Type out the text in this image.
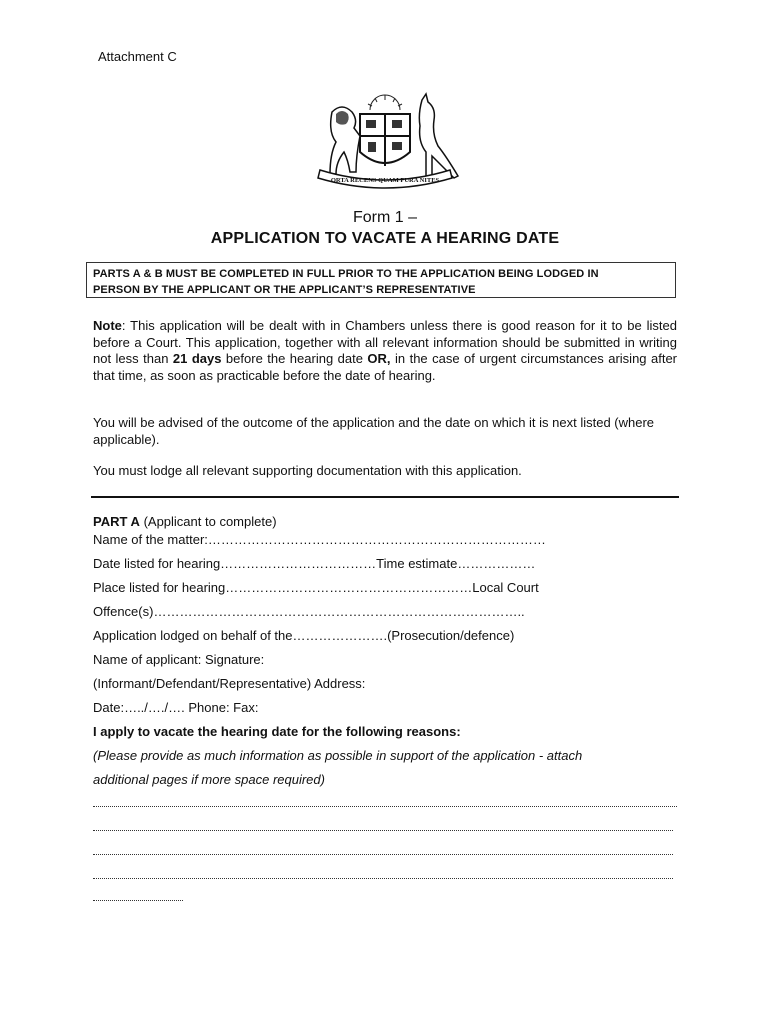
Attachment C
ORTA RECENS QUAM PURA NITES
Form 1 –
APPLICATION TO VACATE A HEARING DATE
PARTS A & B MUST BE COMPLETED IN FULL PRIOR TO THE APPLICATION BEING LODGED IN
PERSON BY THE APPLICANT OR THE APPLICANT’S REPRESENTATIVE
Note: This application will be dealt with in Chambers unless there is good reason for it to be listed before a Court. This application, together with all relevant information should be submitted in writing not less than 21 days before the hearing date OR, in the case of urgent circumstances arising after that time, as soon as practicable before the date of hearing.
You will be advised of the outcome of the application and the date on which it is next listed (where applicable).
You must lodge all relevant supporting documentation with this application.
PART A (Applicant to complete)
Name of the matter:……………………………………………………………………
Date listed for hearing………………………………Time estimate………………
Place listed for hearing…………………………………………………Local Court
Offence(s)…………………………………………………………………………..
Application lodged on behalf of the………………….(Prosecution/defence)
Name of applicant: Signature:
(Informant/Defendant/Representative) Address:
Date:…../…./…. Phone: Fax:
I apply to vacate the hearing date for the following reasons:
(Please provide as much information as possible in support of the application - attach
additional pages if more space required)
